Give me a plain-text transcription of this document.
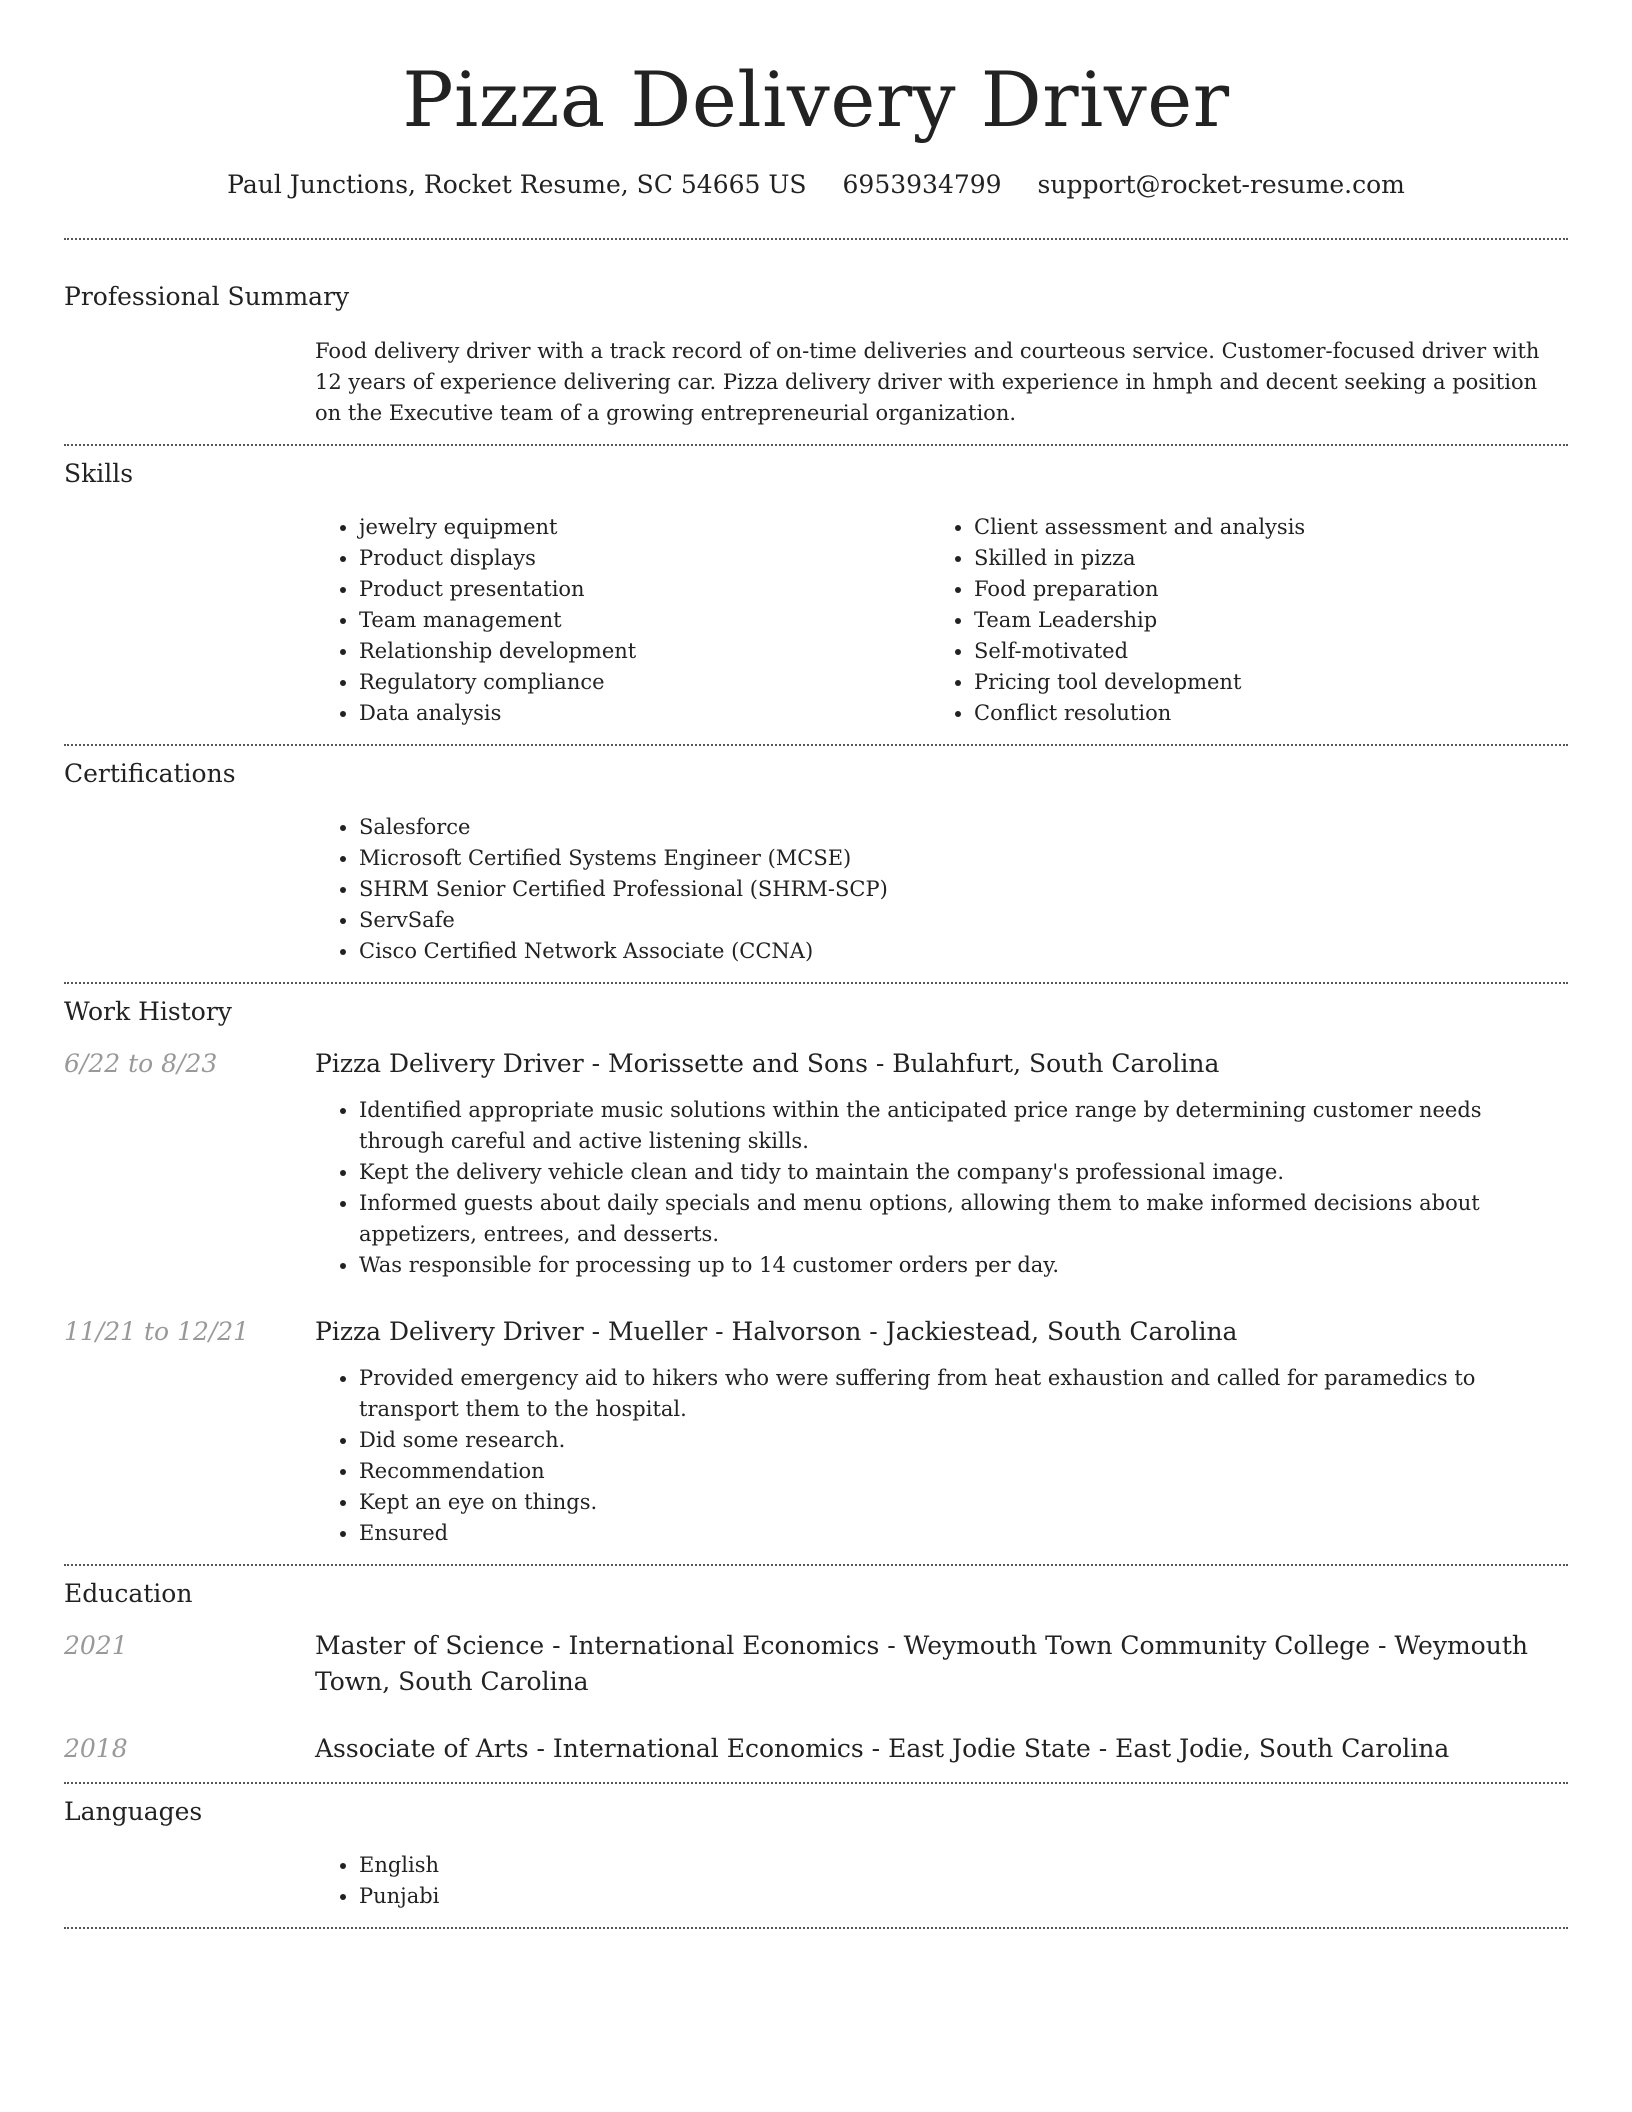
Pizza Delivery Driver
Paul Junctions, Rocket Resume, SC 54665 US 6953934799 support@rocket-resume.com
Professional Summary
Food delivery driver with a track record of on-time deliveries and courteous service. Customer-focused driver with 12 years of experience delivering car. Pizza delivery driver with experience in hmph and decent seeking a position on the Executive team of a growing entrepreneurial organization.
Skills
• jewelry equipment
• Product displays
• Product presentation
• Team management
• Relationship development
• Regulatory compliance
• Data analysis
• Client assessment and analysis
• Skilled in pizza
• Food preparation
• Team Leadership
• Self-motivated
• Pricing tool development
• Conflict resolution
Certifications
• Salesforce
• Microsoft Certified Systems Engineer (MCSE)
• SHRM Senior Certified Professional (SHRM-SCP)
• ServSafe
• Cisco Certified Network Associate (CCNA)
Work History
6/22 to 8/23	Pizza Delivery Driver - Morissette and Sons - Bulahfurt, South Carolina
• Identified appropriate music solutions within the anticipated price range by determining customer needs through careful and active listening skills.
• Kept the delivery vehicle clean and tidy to maintain the company's professional image.
• Informed guests about daily specials and menu options, allowing them to make informed decisions about appetizers, entrees, and desserts.
• Was responsible for processing up to 14 customer orders per day.
11/21 to 12/21	Pizza Delivery Driver - Mueller - Halvorson - Jackiestead, South Carolina
• Provided emergency aid to hikers who were suffering from heat exhaustion and called for paramedics to transport them to the hospital.
• Did some research.
• Recommendation
• Kept an eye on things.
• Ensured
Education
2021	Master of Science - International Economics - Weymouth Town Community College - Weymouth Town, South Carolina
2018	Associate of Arts - International Economics - East Jodie State - East Jodie, South Carolina
Languages
• English
• Punjabi
